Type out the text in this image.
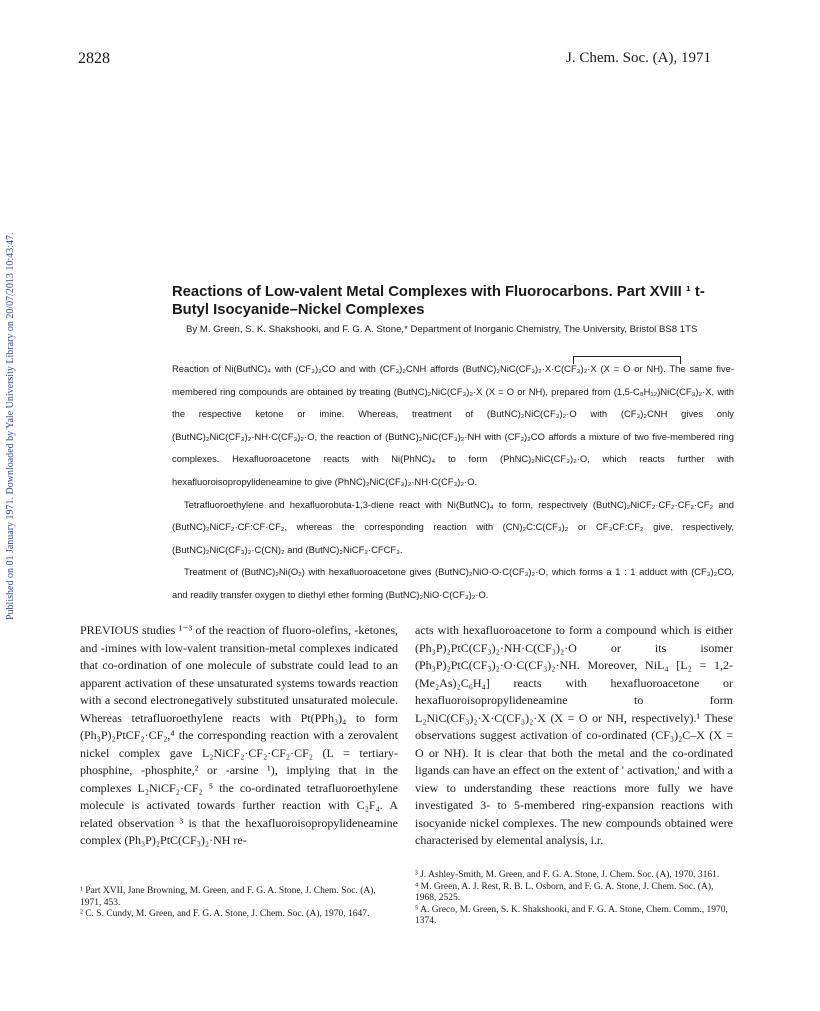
2828	J. Chem. Soc. (A), 1971
Published on 01 January 1971. Downloaded by Yale University Library on 20/07/2013 10:43:47.	Reactions of Low-valent Metal Complexes with Fluorocarbons. Part XVIII ¹ t-Butyl Isocyanide–Nickel Complexes
By M. Green, S. K. Shakshooki, and F. G. A. Stone,* Department of Inorganic Chemistry, The University, Bristol BS8 1TS

Reaction of Ni(ButNC)₄ with (CF₃)₂CO and with (CF₃)₂CNH affords (ButNC)₂NiC(CF₃)₂·X·C(CF₃)₂·X (X = O or NH). The same five-membered ring compounds are obtained by treating (ButNC)₂NiC(CF₃)₂·X (X = O or NH), prepared from (1,5-C₈H₁₂)NiC(CF₃)₂·X, with the respective ketone or imine. Whereas, treatment of (ButNC)₂NiC(CF₃)₂·O with (CF₃)₂CNH gives only (ButNC)₂NiC(CF₃)₂·NH·C(CF₃)₂·O, the reaction of (ButNC)₂NiC(CF₃)₂·NH with (CF₃)₂CO affords a mixture of two five-membered ring complexes. Hexafluoroacetone reacts with Ni(PhNC)₄ to form (PhNC)₂NiC(CF₃)₂·O, which reacts further with hexafluoroisopropylideneamine to give (PhNC)₂NiC(CF₃)₂·NH·C(CF₃)₂·O.

Tetrafluoroethylene and hexafluorobuta-1,3-diene react with Ni(ButNC)₄ to form, respectively (ButNC)₂NiCF₂·CF₂·CF₂·CF₂ and (ButNC)₂NiCF₂·CF:CF·CF₂, whereas the corresponding reaction with (CN)₂C:C(CF₃)₂ or CF₃CF:CF₂ give, respectively, (ButNC)₂NiC(CF₃)₂·C(CN)₂ and (ButNC)₂NiCF₂·CFCF₃.

Treatment of (ButNC)₂Ni(O₂) with hexafluoroacetone gives (ButNC)₂NiO·O·C(CF₃)₂·O, which forms a 1 : 1 adduct with (CF₃)₂CO, and readily transfer oxygen to diethyl ether forming (ButNC)₂NiO·C(CF₃)₂·O.

PREVIOUS studies ¹⁻³ of the reaction of fluoro-olefins, -ketones, and -imines with low-valent transition-metal complexes indicated that co-ordination of one molecule of substrate could lead to an apparent activation of these unsaturated systems towards reaction with a second electronegatively substituted unsaturated molecule. Whereas tetrafluoroethylene reacts with Pt(PPh₃)₄ to form (Ph₃P)₂PtCF₂·CF₂,⁴ the corresponding reaction with a zerovalent nickel complex gave L₂NiCF₂·CF₂·CF₂·CF₂ (L = tertiary-phosphine, -phosphite,² or -arsine ¹), implying that in the complexes L₂NiCF₂·CF₂ ⁵ the co-ordinated tetrafluoroethylene molecule is activated towards further reaction with C₂F₄. A related observation ³ is that the hexafluoroisopropylideneamine complex (Ph₃P)₂PtC(CF₃)₂·NH re-

acts with hexafluoroacetone to form a compound which is either (Ph₃P)₂PtC(CF₃)₂·NH·C(CF₃)₂·O or its isomer (Ph₃P)₂PtC(CF₃)₂·O·C(CF₃)₂·NH. Moreover, NiL₄ [L₂ = 1,2-(Me₂As)₂C₆H₄] reacts with hexafluoroacetone or hexafluoroisopropylideneamine to form L₂NiC(CF₃)₂·X·C(CF₃)₂·X (X = O or NH, respectively).¹ These observations suggest activation of co-ordinated (CF₃)₂C–X (X = O or NH). It is clear that both the metal and the co-ordinated ligands can have an effect on the extent of ' activation,' and with a view to understanding these reactions more fully we have investigated 3- to 5-membered ring-expansion reactions with isocyanide nickel complexes. The new compounds obtained were characterised by elemental analysis, i.r.

¹ Part XVII, Jane Browning, M. Green, and F. G. A. Stone, J. Chem. Soc. (A), 1971, 453.

² C. S. Cundy, M. Green, and F. G. A. Stone, J. Chem. Soc. (A), 1970, 1647.

³ J. Ashley-Smith, M. Green, and F. G. A. Stone, J. Chem. Soc. (A), 1970, 3161.

⁴ M. Green, A. J. Rest, R. B. L. Osborn, and F. G. A. Stone, J. Chem. Soc. (A), 1968, 2525.

⁵ A. Greco, M. Green, S. K. Shakshooki, and F. G. A. Stone, Chem. Comm., 1970, 1374.
